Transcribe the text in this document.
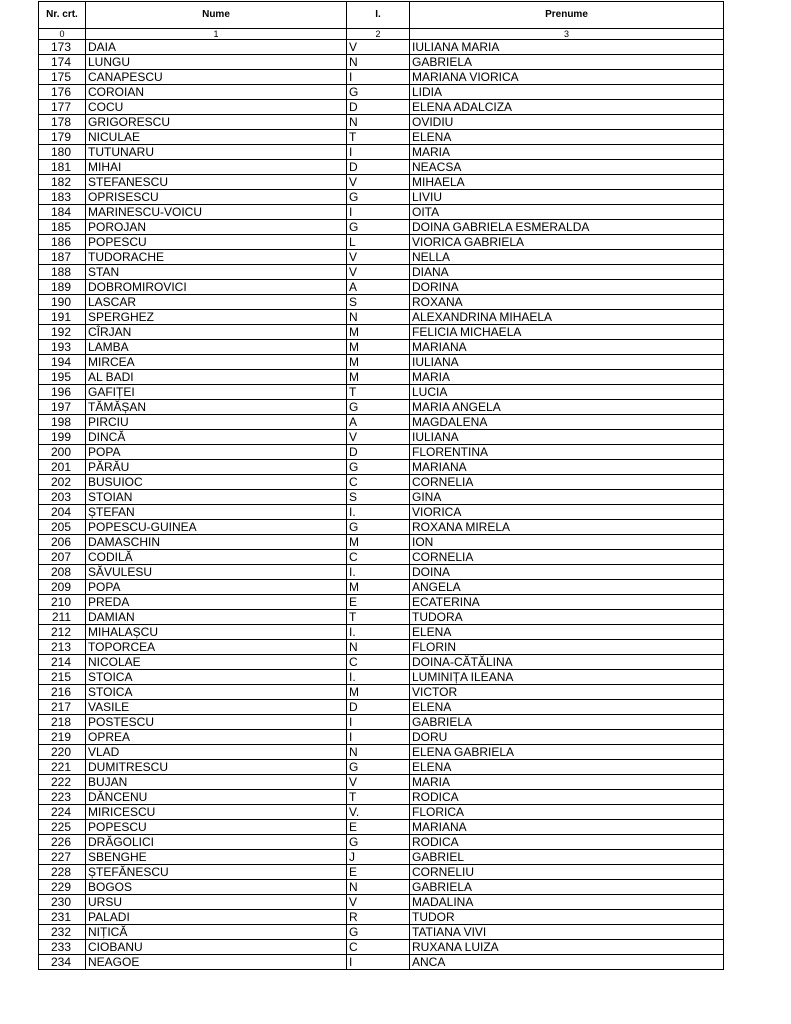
Nr. crt.	Nume	I.	Prenume
0	1	2	3
173	DAIA	V	IULIANA MARIA
174	LUNGU	N	GABRIELA
175	CANAPESCU	I	MARIANA VIORICA
176	COROIAN	G	LIDIA
177	COCU	D	ELENA ADALCIZA
178	GRIGORESCU	N	OVIDIU
179	NICULAE	T	ELENA
180	TUTUNARU	I	MARIA
181	MIHAI	D	NEACSA
182	STEFANESCU	V	MIHAELA
183	OPRISESCU	G	LIVIU
184	MARINESCU-VOICU	I	OITA
185	POROJAN	G	DOINA GABRIELA ESMERALDA
186	POPESCU	L	VIORICA GABRIELA
187	TUDORACHE	V	NELLA
188	STAN	V	DIANA
189	DOBROMIROVICI	A	DORINA
190	LASCAR	S	ROXANA
191	SPERGHEZ	N	ALEXANDRINA MIHAELA
192	CÎRJAN	M	FELICIA MICHAELA
193	LAMBA	M	MARIANA
194	MIRCEA	M	IULIANA
195	AL BADI	M	MARIA
196	GAFIȚEI	T	LUCIA
197	TĂMĂȘAN	G	MARIA ANGELA
198	PIRCIU	A	MAGDALENA
199	DINCĂ	V	IULIANA
200	POPA	D	FLORENTINA
201	PĂRĂU	G	MARIANA
202	BUSUIOC	C	CORNELIA
203	STOIAN	S	GINA
204	ȘTEFAN	I.	VIORICA
205	POPESCU-GUINEA	G	ROXANA MIRELA
206	DAMASCHIN	M	ION
207	CODILĂ	C	CORNELIA
208	SĂVULESU	I.	DOINA
209	POPA	M	ANGELA
210	PREDA	E	ECATERINA
211	DAMIAN	T	TUDORA
212	MIHALAȘCU	I.	ELENA
213	TOPORCEA	N	FLORIN
214	NICOLAE	C	DOINA-CĂTĂLINA
215	STOICA	I.	LUMINIȚA ILEANA
216	STOICA	M	VICTOR
217	VASILE	D	ELENA
218	POSTESCU	I	GABRIELA
219	OPREA	I	DORU
220	VLAD	N	ELENA GABRIELA
221	DUMITRESCU	G	ELENA
222	BUJAN	V	MARIA
223	DĂNCENU	T	RODICA
224	MIRICESCU	V.	FLORICA
225	POPESCU	E	MARIANA
226	DRĂGOLICI	G	RODICA
227	SBENGHE	J	GABRIEL
228	ȘTEFĂNESCU	E	CORNELIU
229	BOGOS	N	GABRIELA
230	URSU	V	MADALINA
231	PALADI	R	TUDOR
232	NIȚICĂ	G	TATIANA VIVI
233	CIOBANU	C	RUXANA LUIZA
234	NEAGOE	I	ANCA
